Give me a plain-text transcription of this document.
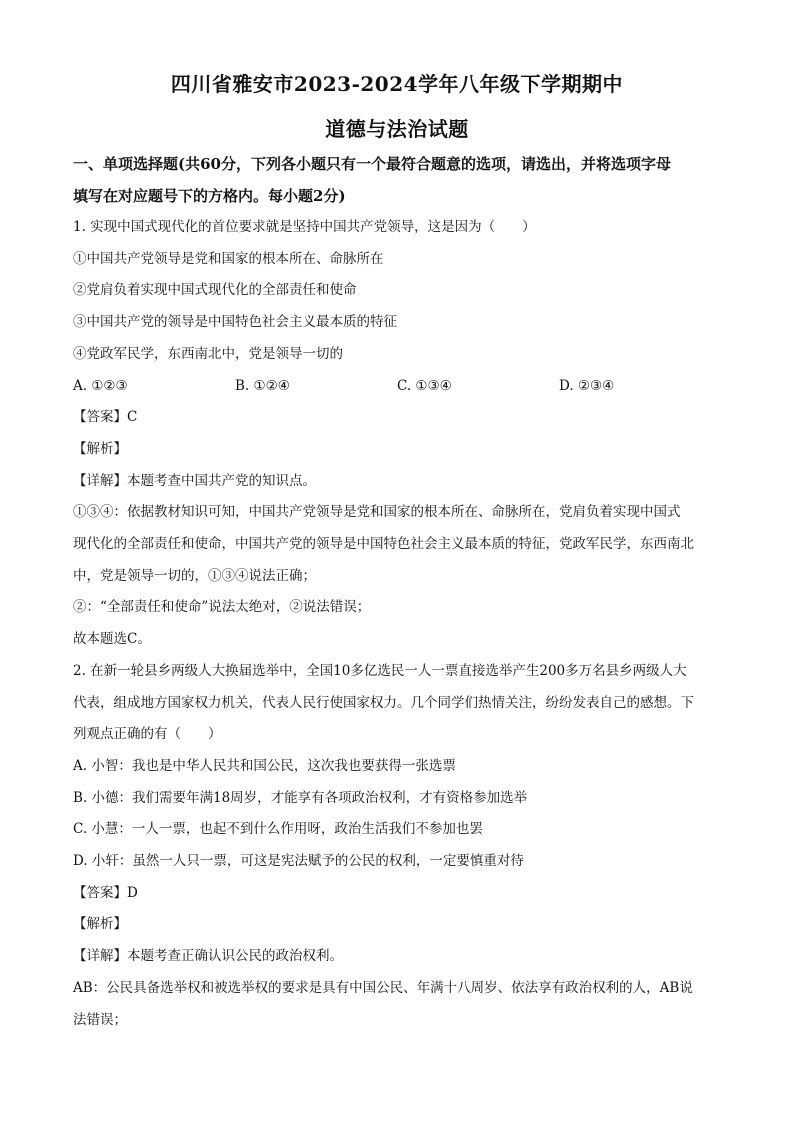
四川省雅安市2023-2024学年八年级下学期期中
道德与法治试题

一、单项选择题(共60分，下列各小题只有一个最符合题意的选项，请选出，并将选项字母

填写在对应题号下的方格内。每小题2分)

1. 实现中国式现代化的首位要求就是坚持中国共产党领导，这是因为（　　）

①中国共产党领导是党和国家的根本所在、命脉所在

②党肩负着实现中国式现代化的全部责任和使命

③中国共产党的领导是中国特色社会主义最本质的特征

④党政军民学，东西南北中，党是领导一切的

A. ①②③	B. ①②④	C. ①③④	D. ②③④

【答案】C

【解析】

【详解】本题考查中国共产党的知识点。

①③④：依据教材知识可知，中国共产党领导是党和国家的根本所在、命脉所在，党肩负着实现中国式

现代化的全部责任和使命，中国共产党的领导是中国特色社会主义最本质的特征，党政军民学，东西南北

中，党是领导一切的，①③④说法正确；

②：“全部责任和使命”说法太绝对，②说法错误；

故本题选C。

2. 在新一轮县乡两级人大换届选举中，全国10多亿选民一人一票直接选举产生200多万名县乡两级人大

代表，组成地方国家权力机关，代表人民行使国家权力。几个同学们热情关注，纷纷发表自己的感想。下

列观点正确的有（　　）

A. 小智：我也是中华人民共和国公民，这次我也要获得一张选票

B. 小德：我们需要年满18周岁，才能享有各项政治权利，才有资格参加选举

C. 小慧：一人一票，也起不到什么作用呀，政治生活我们不参加也罢

D. 小轩：虽然一人只一票，可这是宪法赋予的公民的权利，一定要慎重对待

【答案】D

【解析】

【详解】本题考查正确认识公民的政治权利。

AB：公民具备选举权和被选举权的要求是具有中国公民、年满十八周岁、依法享有政治权利的人，AB说

法错误；
